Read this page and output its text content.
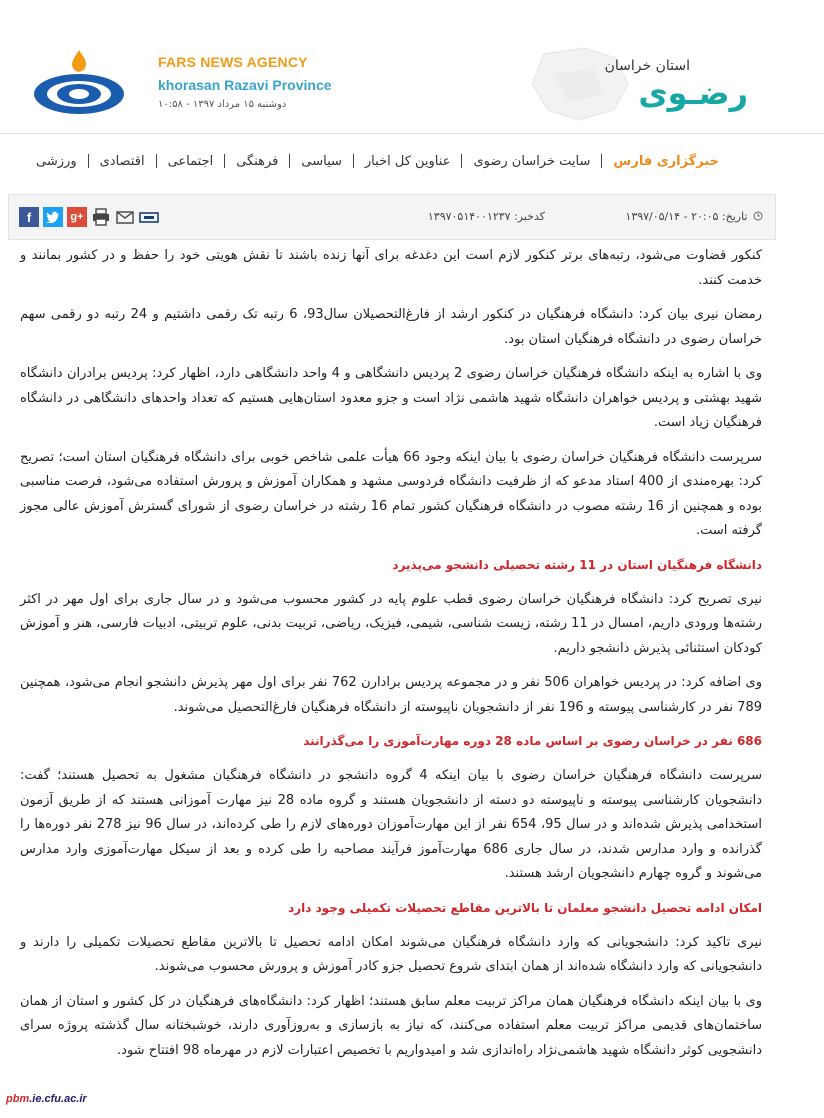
FARS NEWS AGENCY
khorasan Razavi Province
دوشنبه ۱۵ مرداد ۱۳۹۷ - ۱۰:۵۸
استان خراسان
رضـوی
خبرگزاری فارس
سایت خراسان رضوی
عناوین کل اخبار
سیاسی
فرهنگی
اجتماعی
اقتصادی
ورزشی
تاریخ: ۲۰:۰۵ - ۱۳۹۷/۰۵/۱۴
کدخبر: ۱۳۹۷۰۵۱۴۰۰۱۲۳۷
f	g+

کنکور قضاوت می‌شود، رتبه‌های برتر کنکور لازم است این دغدغه برای آنها زنده باشند تا نقش هویتی خود را حفظ و در کشور بمانند و خدمت کنند.

رمضان نیری بیان کرد: دانشگاه فرهنگیان در کنکور ارشد از فارغ‌التحصیلان سال93، 6 رتبه تک رقمی داشتیم و 24 رتبه دو رقمی سهم خراسان رضوی در دانشگاه فرهنگیان استان بود.

وی با اشاره به اینکه دانشگاه فرهنگیان خراسان رضوی 2 پردیس دانشگاهی و 4 واحد دانشگاهی دارد، اظهار کرد: پردیس برادران دانشگاه شهید بهشتی و پردیس خواهران دانشگاه شهید هاشمی نژاد است و جزو معدود استان‌هایی هستیم که تعداد واحدهای دانشگاهی در دانشگاه فرهنگیان زیاد است.

سرپرست دانشگاه فرهنگیان خراسان رضوی با بیان اینکه وجود 66 هیأت علمی شاخص خوبی برای دانشگاه فرهنگیان استان است؛ تصریح کرد: بهره‌مندی از 400 استاد مدعو که از ظرفیت دانشگاه فردوسی مشهد و همکاران آموزش و پرورش استفاده می‌شود، فرصت مناسبی بوده و همچنین از 16 رشته مصوب در دانشگاه فرهنگیان کشور تمام 16 رشته در خراسان رضوی از شورای گسترش آموزش عالی مجوز گرفته است.

دانشگاه فرهنگیان استان در 11 رشته تحصیلی دانشجو می‌پذیرد

نیری تصریح کرد: دانشگاه فرهنگیان خراسان رضوی قطب علوم پایه در کشور محسوب می‌شود و در سال جاری برای اول مهر در اکثر رشته‌ها ورودی داریم، امسال در 11 رشته، زیست شناسی، شیمی، فیزیک، ریاضی، تربیت بدنی، علوم تربیتی، ادبیات فارسی، هنر و آموزش کودکان استثنائی پذیرش دانشجو داریم.

وی اضافه کرد: در پردیس خواهران 506 نفر و در مجموعه پردیس برادارن 762 نفر برای اول مهر پذیرش دانشجو انجام می‌شود، همچنین 789 نفر در کارشناسی پیوسته و 196 نفر از دانشجویان ناپیوسته از دانشگاه فرهنگیان فارغ‌التحصیل می‌شوند.

686 نفر در خراسان رضوی بر اساس ماده 28 دوره مهارت‌آموزی را می‌گذرانند

سرپرست دانشگاه فرهنگیان خراسان رضوی با بیان اینکه 4 گروه دانشجو در دانشگاه فرهنگیان مشغول به تحصیل هستند؛ گفت: دانشجویان کارشناسی پیوسته و ناپیوسته دو دسته از دانشجویان هستند و گروه ماده 28 نیز مهارت آموزانی هستند که از طریق آزمون استخدامی پذیرش شده‌اند و در سال 95، 654 نفر از این مهارت‌آموزان دوره‌های لازم را طی کرده‌اند، در سال 96 نیز 278 نفر دوره‌ها را گذرانده و وارد مدارس شدند، در سال جاری 686 مهارت‌آموز فرآیند مصاحبه را طی کرده و بعد از سیکل مهارت‌آموزی وارد مدارس می‌شوند و گروه چهارم دانشجویان ارشد هستند.

امکان ادامه تحصیل دانشجو معلمان تا بالاترین مقاطع تحصیلات تکمیلی وجود دارد

نیری تاکید کرد: دانشجویانی که وارد دانشگاه فرهنگیان می‌شوند امکان ادامه تحصیل تا بالاترین مقاطع تحصیلات تکمیلی را دارند و دانشجویانی که وارد دانشگاه شده‌اند از همان ابتدای شروع تحصیل جزو کادر آموزش و پرورش محسوب می‌شوند.

وی با بیان اینکه دانشگاه فرهنگیان همان مراکز تربیت معلم سابق هستند؛ اظهار کرد: دانشگاه‌های فرهنگیان در کل کشور و استان از همان ساختمان‌های قدیمی مراکز تربیت معلم استفاده می‌کنند، که نیاز به بازسازی و به‌روزآوری دارند، خوشبختانه سال گذشته پروژه سرای دانشجویی کوثر دانشگاه شهید هاشمی‌نژاد راه‌اندازی شد و امیدواریم با تخصیص اعتبارات لازم در مهرماه 98 افتتاح شود.

pbm.ie.cfu.ac.ir
